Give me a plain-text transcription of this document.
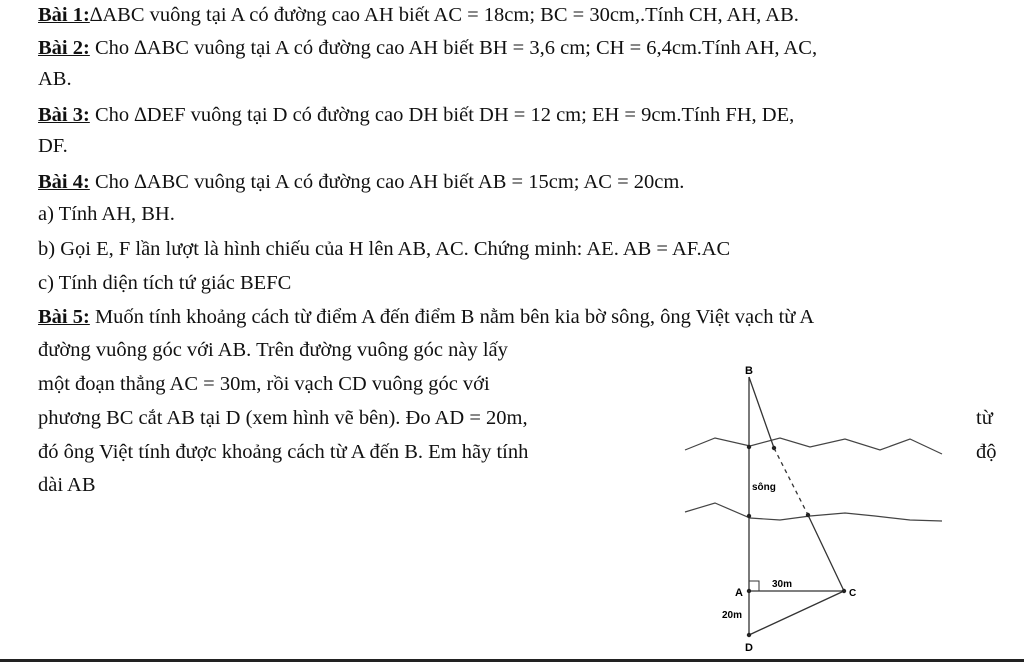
Bài 1:∆ABC vuông tại A có đường cao AH biết AC = 18cm; BC = 30cm,.Tính CH, AH, AB.
Bài 2: Cho ∆ABC vuông tại A có đường cao AH biết BH = 3,6 cm; CH = 6,4cm.Tính AH, AC,
AB.
Bài 3: Cho ∆DEF vuông tại D có đường cao DH biết DH = 12 cm; EH = 9cm.Tính FH, DE,
DF.
Bài 4: Cho ∆ABC vuông tại A có đường cao AH biết AB = 15cm; AC = 20cm.
a) Tính AH, BH.
b) Gọi E, F lần lượt là hình chiếu của H lên AB, AC. Chứng minh: AE. AB = AF.AC
c) Tính diện tích tứ giác BEFC
Bài 5: Muốn tính khoảng cách từ điểm A đến điểm B nằm bên kia bờ sông, ông Việt vạch từ A
đường vuông góc với AB. Trên đường vuông góc này lấy
một đoạn thẳng AC = 30m, rồi vạch CD vuông góc với
phương BC cắt AB tại D (xem hình vẽ bên). Đo AD = 20m,	từ
đó ông Việt tính được khoảng cách từ A đến B. Em hãy tính	độ
dài AB
B
A	C
D
sông
30m
20m
